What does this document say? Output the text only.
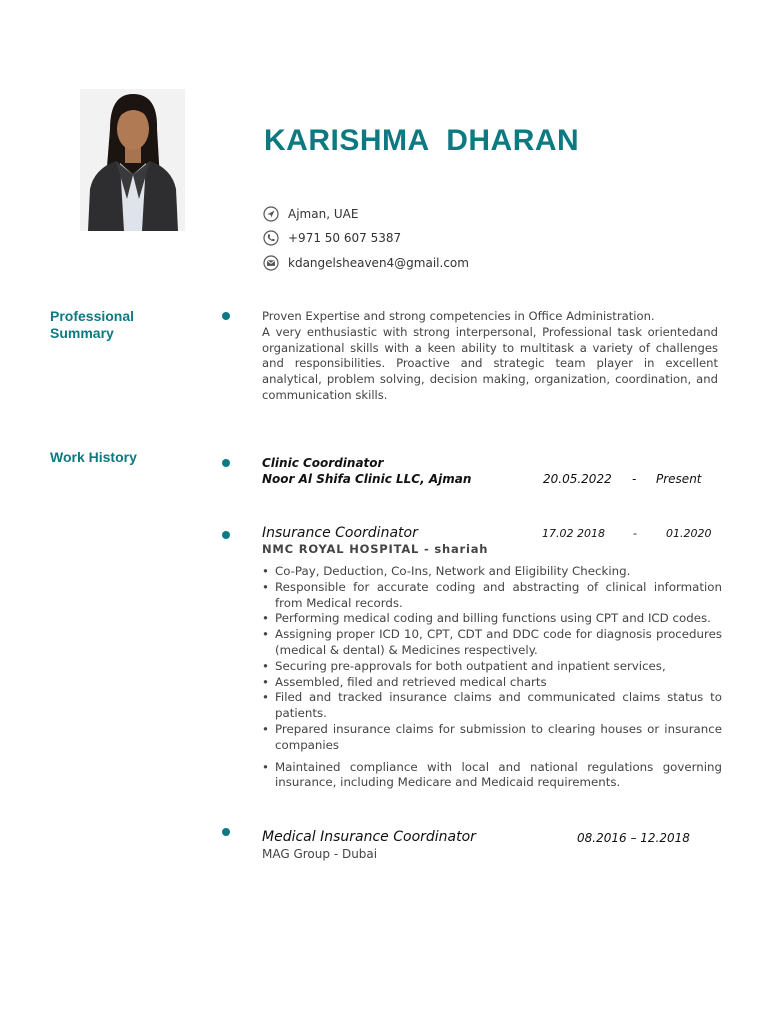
KARISHMA  DHARAN
Ajman, UAE
+971 50 607 5387
kdangelsheaven4@gmail.com
Professional
Summary

Proven Expertise and strong competencies in Office Administration.

A very enthusiastic with strong interpersonal, Professional task orientedand organizational skills with a keen ability to multitask a variety of challenges and responsibilities. Proactive and strategic team player in excellent analytical, problem solving, decision making, organization, coordination, and communication skills.

Work History	Clinic Coordinator
Noor Al Shifa Clinic LLC, Ajman	20.05.2022 - Present
Insurance Coordinator	17.02 2018	-	01.2020
NMC ROYAL HOSPITAL - shariah
• Co-Pay, Deduction, Co-Ins, Network and Eligibility Checking.
• Responsible for accurate coding and abstracting of clinical information from Medical records.
• Performing medical coding and billing functions using CPT and ICD codes.
• Assigning proper ICD 10, CPT, CDT and DDC code for diagnosis procedures (medical & dental) & Medicines respectively.
• Securing pre-approvals for both outpatient and inpatient services,
• Assembled, filed and retrieved medical charts
• Filed and tracked insurance claims and communicated claims status to patients.
• Prepared insurance claims for submission to clearing houses or insurance companies
• Maintained compliance with local and national regulations governing insurance, including Medicare and Medicaid requirements.
Medical Insurance Coordinator	08.2016 – 12.2018
MAG Group - Dubai
